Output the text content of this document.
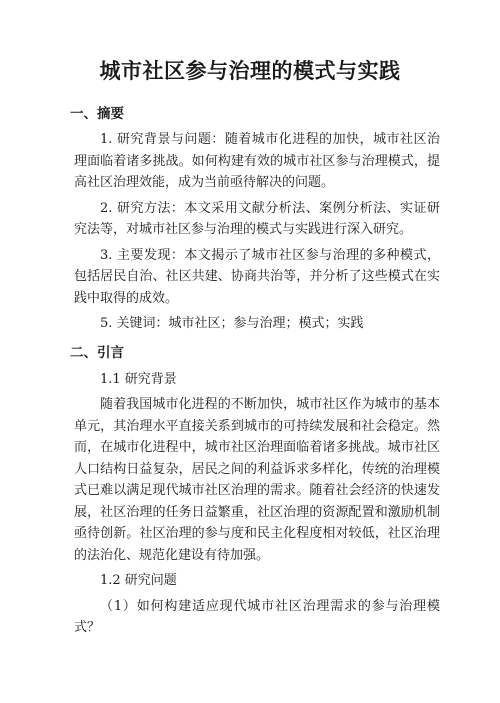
城市社区参与治理的模式与实践
一、摘要
1. 研究背景与问题：随着城市化进程的加快，城市社区治理面临着诸多挑战。如何构建有效的城市社区参与治理模式，提高社区治理效能，成为当前亟待解决的问题。
2. 研究方法：本文采用文献分析法、案例分析法、实证研究法等，对城市社区参与治理的模式与实践进行深入研究。
3. 主要发现：本文揭示了城市社区参与治理的多种模式，包括居民自治、社区共建、协商共治等，并分析了这些模式在实践中取得的成效。
5. 关键词：城市社区；参与治理；模式；实践
二、引言
1.1 研究背景
随着我国城市化进程的不断加快，城市社区作为城市的基本单元，其治理水平直接关系到城市的可持续发展和社会稳定。然而，在城市化进程中，城市社区治理面临着诸多挑战。城市社区人口结构日益复杂，居民之间的利益诉求多样化，传统的治理模式已难以满足现代城市社区治理的需求。随着社会经济的快速发展，社区治理的任务日益繁重，社区治理的资源配置和激励机制亟待创新。社区治理的参与度和民主化程度相对较低，社区治理的法治化、规范化建设有待加强。
1.2 研究问题
（1）如何构建适应现代城市社区治理需求的参与治理模式？
